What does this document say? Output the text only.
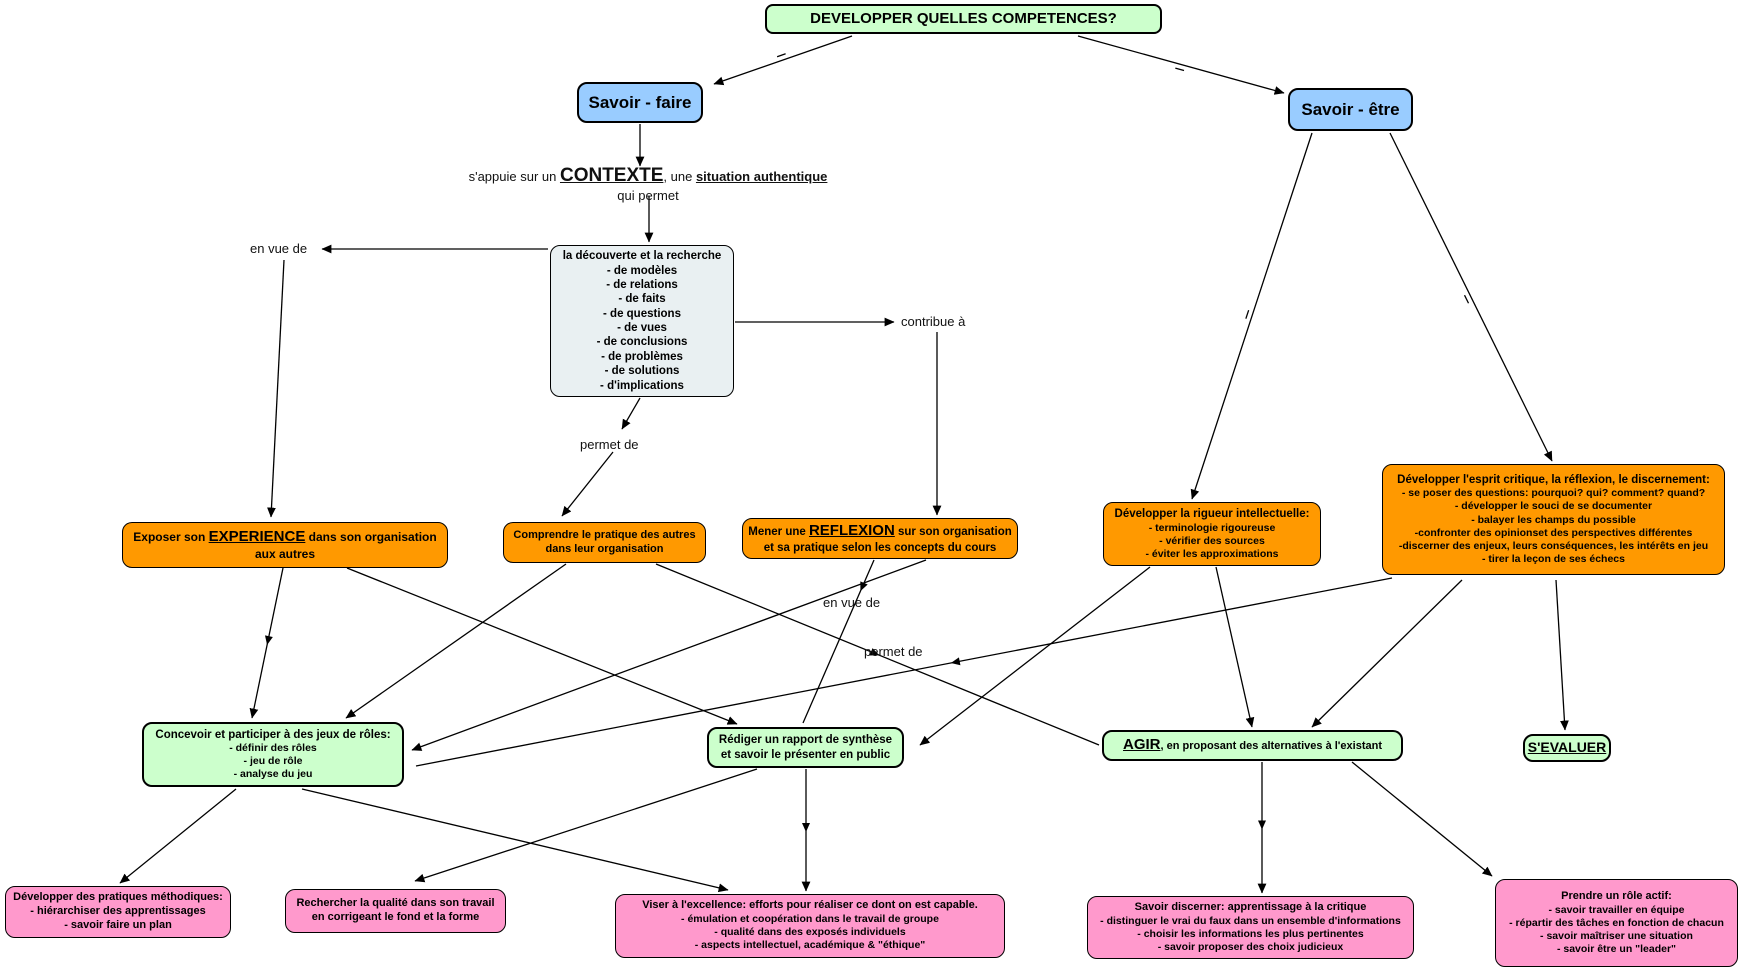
DEVELOPPER QUELLES COMPETENCES?
Savoir - faire	Savoir - être
s'appuie sur un CONTEXTE, une situation authentique
qui permet
la découverte et la recherche
- de modèles
- de relations
- de faits
- de questions
- de vues
- de conclusions
- de problèmes
- de solutions
- d'implications
en vue de
contribue à
permet de
Exposer son EXPERIENCE dans son organisation
aux autres
Comprendre le pratique des autres
dans leur organisation
Mener une REFLEXION sur son organisation
et sa pratique selon les concepts du cours
Développer la rigueur intellectuelle:
- terminologie rigoureuse
- vérifier des sources
- éviter les approximations
Développer l'esprit critique, la réflexion, le discernement:
- se poser des questions: pourquoi? qui? comment? quand?
- développer le souci de se documenter
- balayer les champs du possible
-confronter des opinionset des perspectives différentes
-discerner des enjeux, leurs conséquences, les intérêts en jeu
- tirer la leçon de ses échecs
en vue de
permet de
Concevoir et participer à des jeux de rôles:
- définir des rôles
- jeu de rôle
- analyse du jeu
Rédiger un rapport de synthèse
et savoir le présenter en public
AGIR, en proposant des alternatives à l'existant	S'EVALUER
Développer des pratiques méthodiques:
- hiérarchiser des apprentissages
- savoir faire un plan
Rechercher la qualité dans son travail
en corrigeant le fond et la forme
Viser à l'excellence: efforts pour réaliser ce dont on est capable.
- émulation et coopération dans le travail de groupe
- qualité dans des exposés individuels
- aspects intellectuel, académique & "éthique"
Savoir discerner: apprentissage à la critique
- distinguer le vrai du faux dans un ensemble d'informations
- choisir les informations les plus pertinentes
- savoir proposer des choix judicieux
Prendre un rôle actif:
- savoir travailler en équipe
- répartir des tâches en fonction de chacun
- savoir maîtriser une situation
- savoir être un "leader"
